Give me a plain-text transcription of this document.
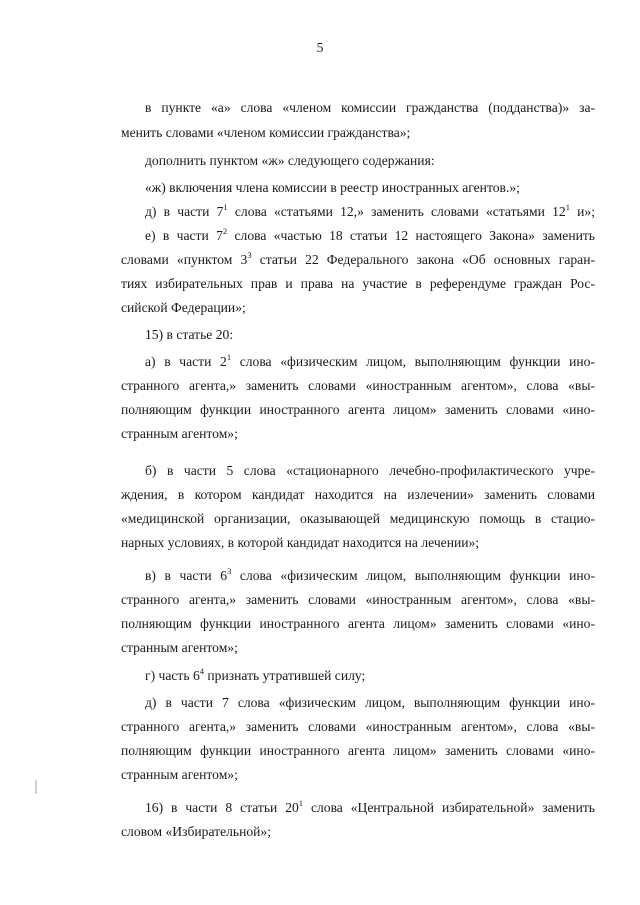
5
в пункте «а» слова «членом комиссии гражданства (подданства)» за-
менить словами «членом комиссии гражданства»;
дополнить пунктом «ж» следующего содержания:
«ж) включения члена комиссии в реестр иностранных агентов.»;
д) в части $7^1$ слова «статьями 12,» заменить словами «статьями $12^1$ и»;
е) в части $7^2$ слова «частью 18 статьи 12 настоящего Закона» заменить
словами «пунктом $3^3$ статьи 22 Федерального закона «Об основных гаран-
тиях избирательных прав и права на участие в референдуме граждан Рос-
сийской Федерации»;
15) в статье 20:
а) в части $2^1$ слова «физическим лицом, выполняющим функции ино-
странного агента,» заменить словами «иностранным агентом», слова «вы-
полняющим функции иностранного агента лицом» заменить словами «ино-
странным агентом»;
б) в части 5 слова «стационарного лечебно-профилактического учре-
ждения, в котором кандидат находится на излечении» заменить словами
«медицинской организации, оказывающей медицинскую помощь в стацио-
нарных условиях, в которой кандидат находится на лечении»;
в) в части $6^3$ слова «физическим лицом, выполняющим функции ино-
странного агента,» заменить словами «иностранным агентом», слова «вы-
полняющим функции иностранного агента лицом» заменить словами «ино-
странным агентом»;
г) часть $6^4$ признать утратившей силу;
д) в части 7 слова «физическим лицом, выполняющим функции ино-
странного агента,» заменить словами «иностранным агентом», слова «вы-
полняющим функции иностранного агента лицом» заменить словами «ино-
странным агентом»;
16) в части 8 статьи $20^1$ слова «Центральной избирательной» заменить
словом «Избирательной»;
